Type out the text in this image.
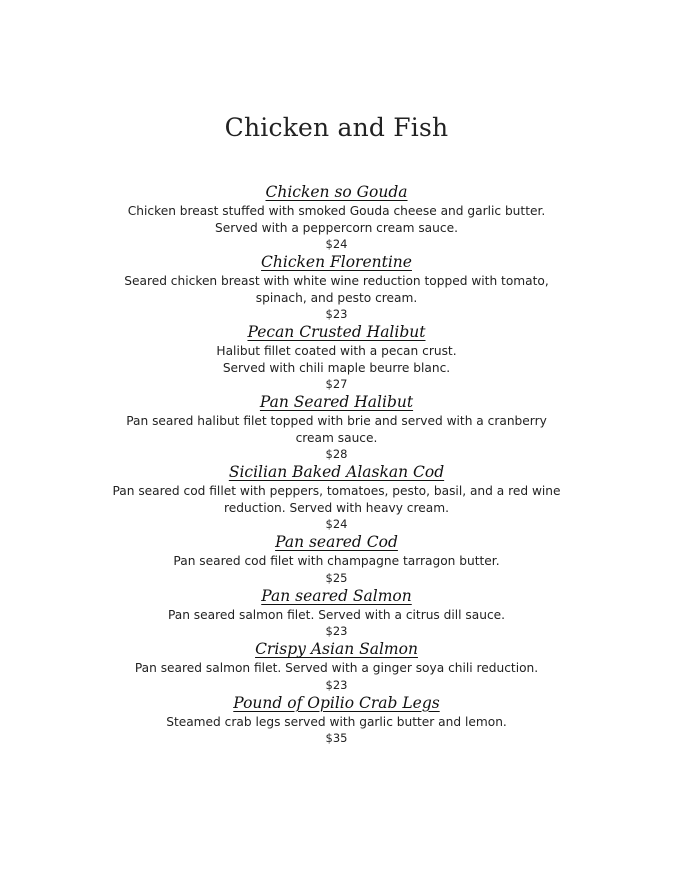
Chicken and Fish
Chicken so Gouda
Chicken breast stuffed with smoked Gouda cheese and garlic butter.
Served with a peppercorn cream sauce.
$24
Chicken Florentine
Seared chicken breast with white wine reduction topped with tomato,
spinach, and pesto cream.
$23
Pecan Crusted Halibut
Halibut fillet coated with a pecan crust.
Served with chili maple beurre blanc.
$27
Pan Seared Halibut
Pan seared halibut filet topped with brie and served with a cranberry
cream sauce.
$28
Sicilian Baked Alaskan Cod
Pan seared cod fillet with peppers, tomatoes, pesto, basil, and a red wine
reduction. Served with heavy cream.
$24
Pan seared Cod
Pan seared cod filet with champagne tarragon butter.
$25
Pan seared Salmon
Pan seared salmon filet. Served with a citrus dill sauce.
$23
Crispy Asian Salmon
Pan seared salmon filet. Served with a ginger soya chili reduction.
$23
Pound of Opilio Crab Legs
Steamed crab legs served with garlic butter and lemon.
$35
